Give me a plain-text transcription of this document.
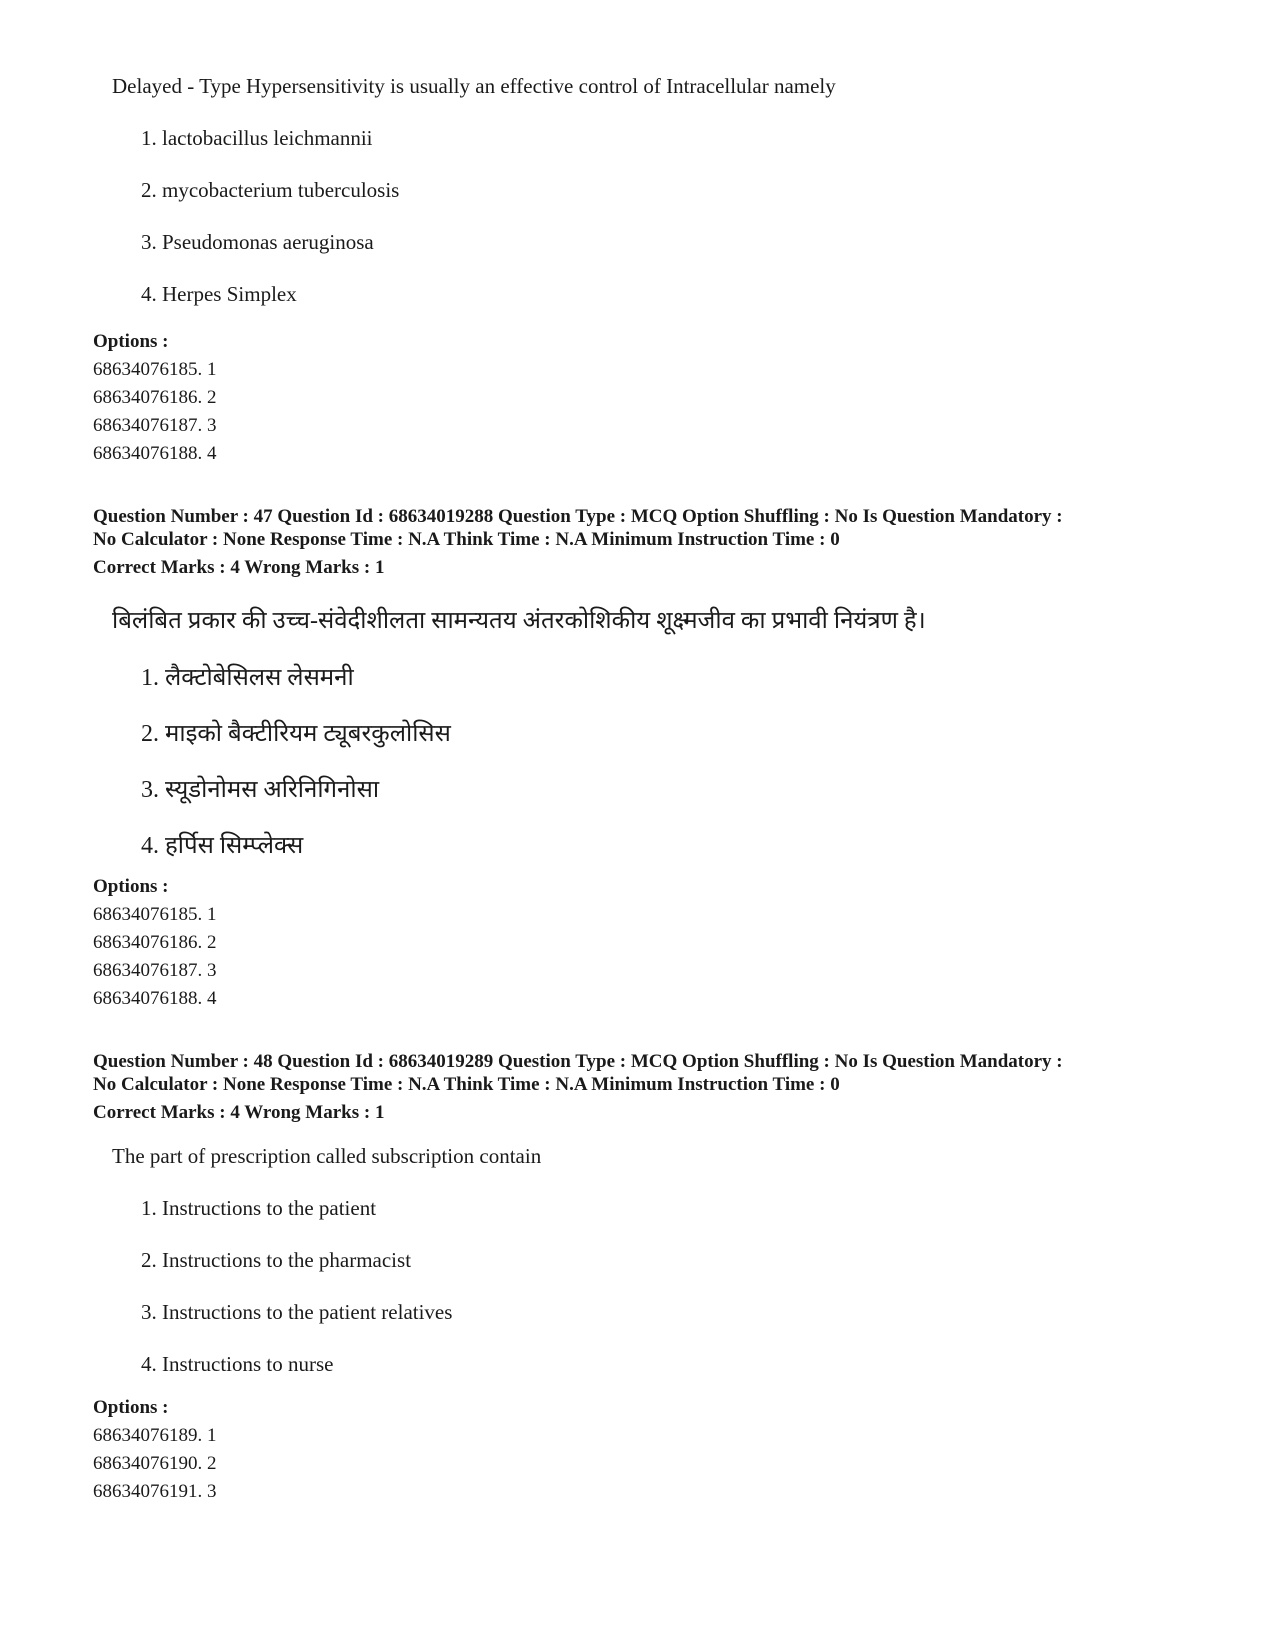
Delayed - Type Hypersensitivity is usually an effective control of Intracellular namely
1. lactobacillus leichmannii
2. mycobacterium tuberculosis
3. Pseudomonas aeruginosa
4. Herpes Simplex
Options :
68634076185. 1
68634076186. 2
68634076187. 3
68634076188. 4
Question Number : 47 Question Id : 68634019288 Question Type : MCQ Option Shuffling : No Is Question Mandatory :
No Calculator : None Response Time : N.A Think Time : N.A Minimum Instruction Time : 0
Correct Marks : 4 Wrong Marks : 1
बिलंबित प्रकार की उच्च-संवेदीशीलता सामन्यतय अंतरकोशिकीय शूक्ष्मजीव का प्रभावी नियंत्रण है।
1. लैक्टोबेसिलस लेसमनी
2. माइको बैक्टीरियम ट्यूबरकुलोसिस
3. स्यूडोनोमस अरिनिगिनोसा
4. हर्पिस सिम्प्लेक्स
Options :
68634076185. 1
68634076186. 2
68634076187. 3
68634076188. 4
Question Number : 48 Question Id : 68634019289 Question Type : MCQ Option Shuffling : No Is Question Mandatory :
No Calculator : None Response Time : N.A Think Time : N.A Minimum Instruction Time : 0
Correct Marks : 4 Wrong Marks : 1
The part of prescription called subscription contain
1. Instructions to the patient
2. Instructions to the pharmacist
3. Instructions to the patient relatives
4. Instructions to nurse
Options :
68634076189. 1
68634076190. 2
68634076191. 3
